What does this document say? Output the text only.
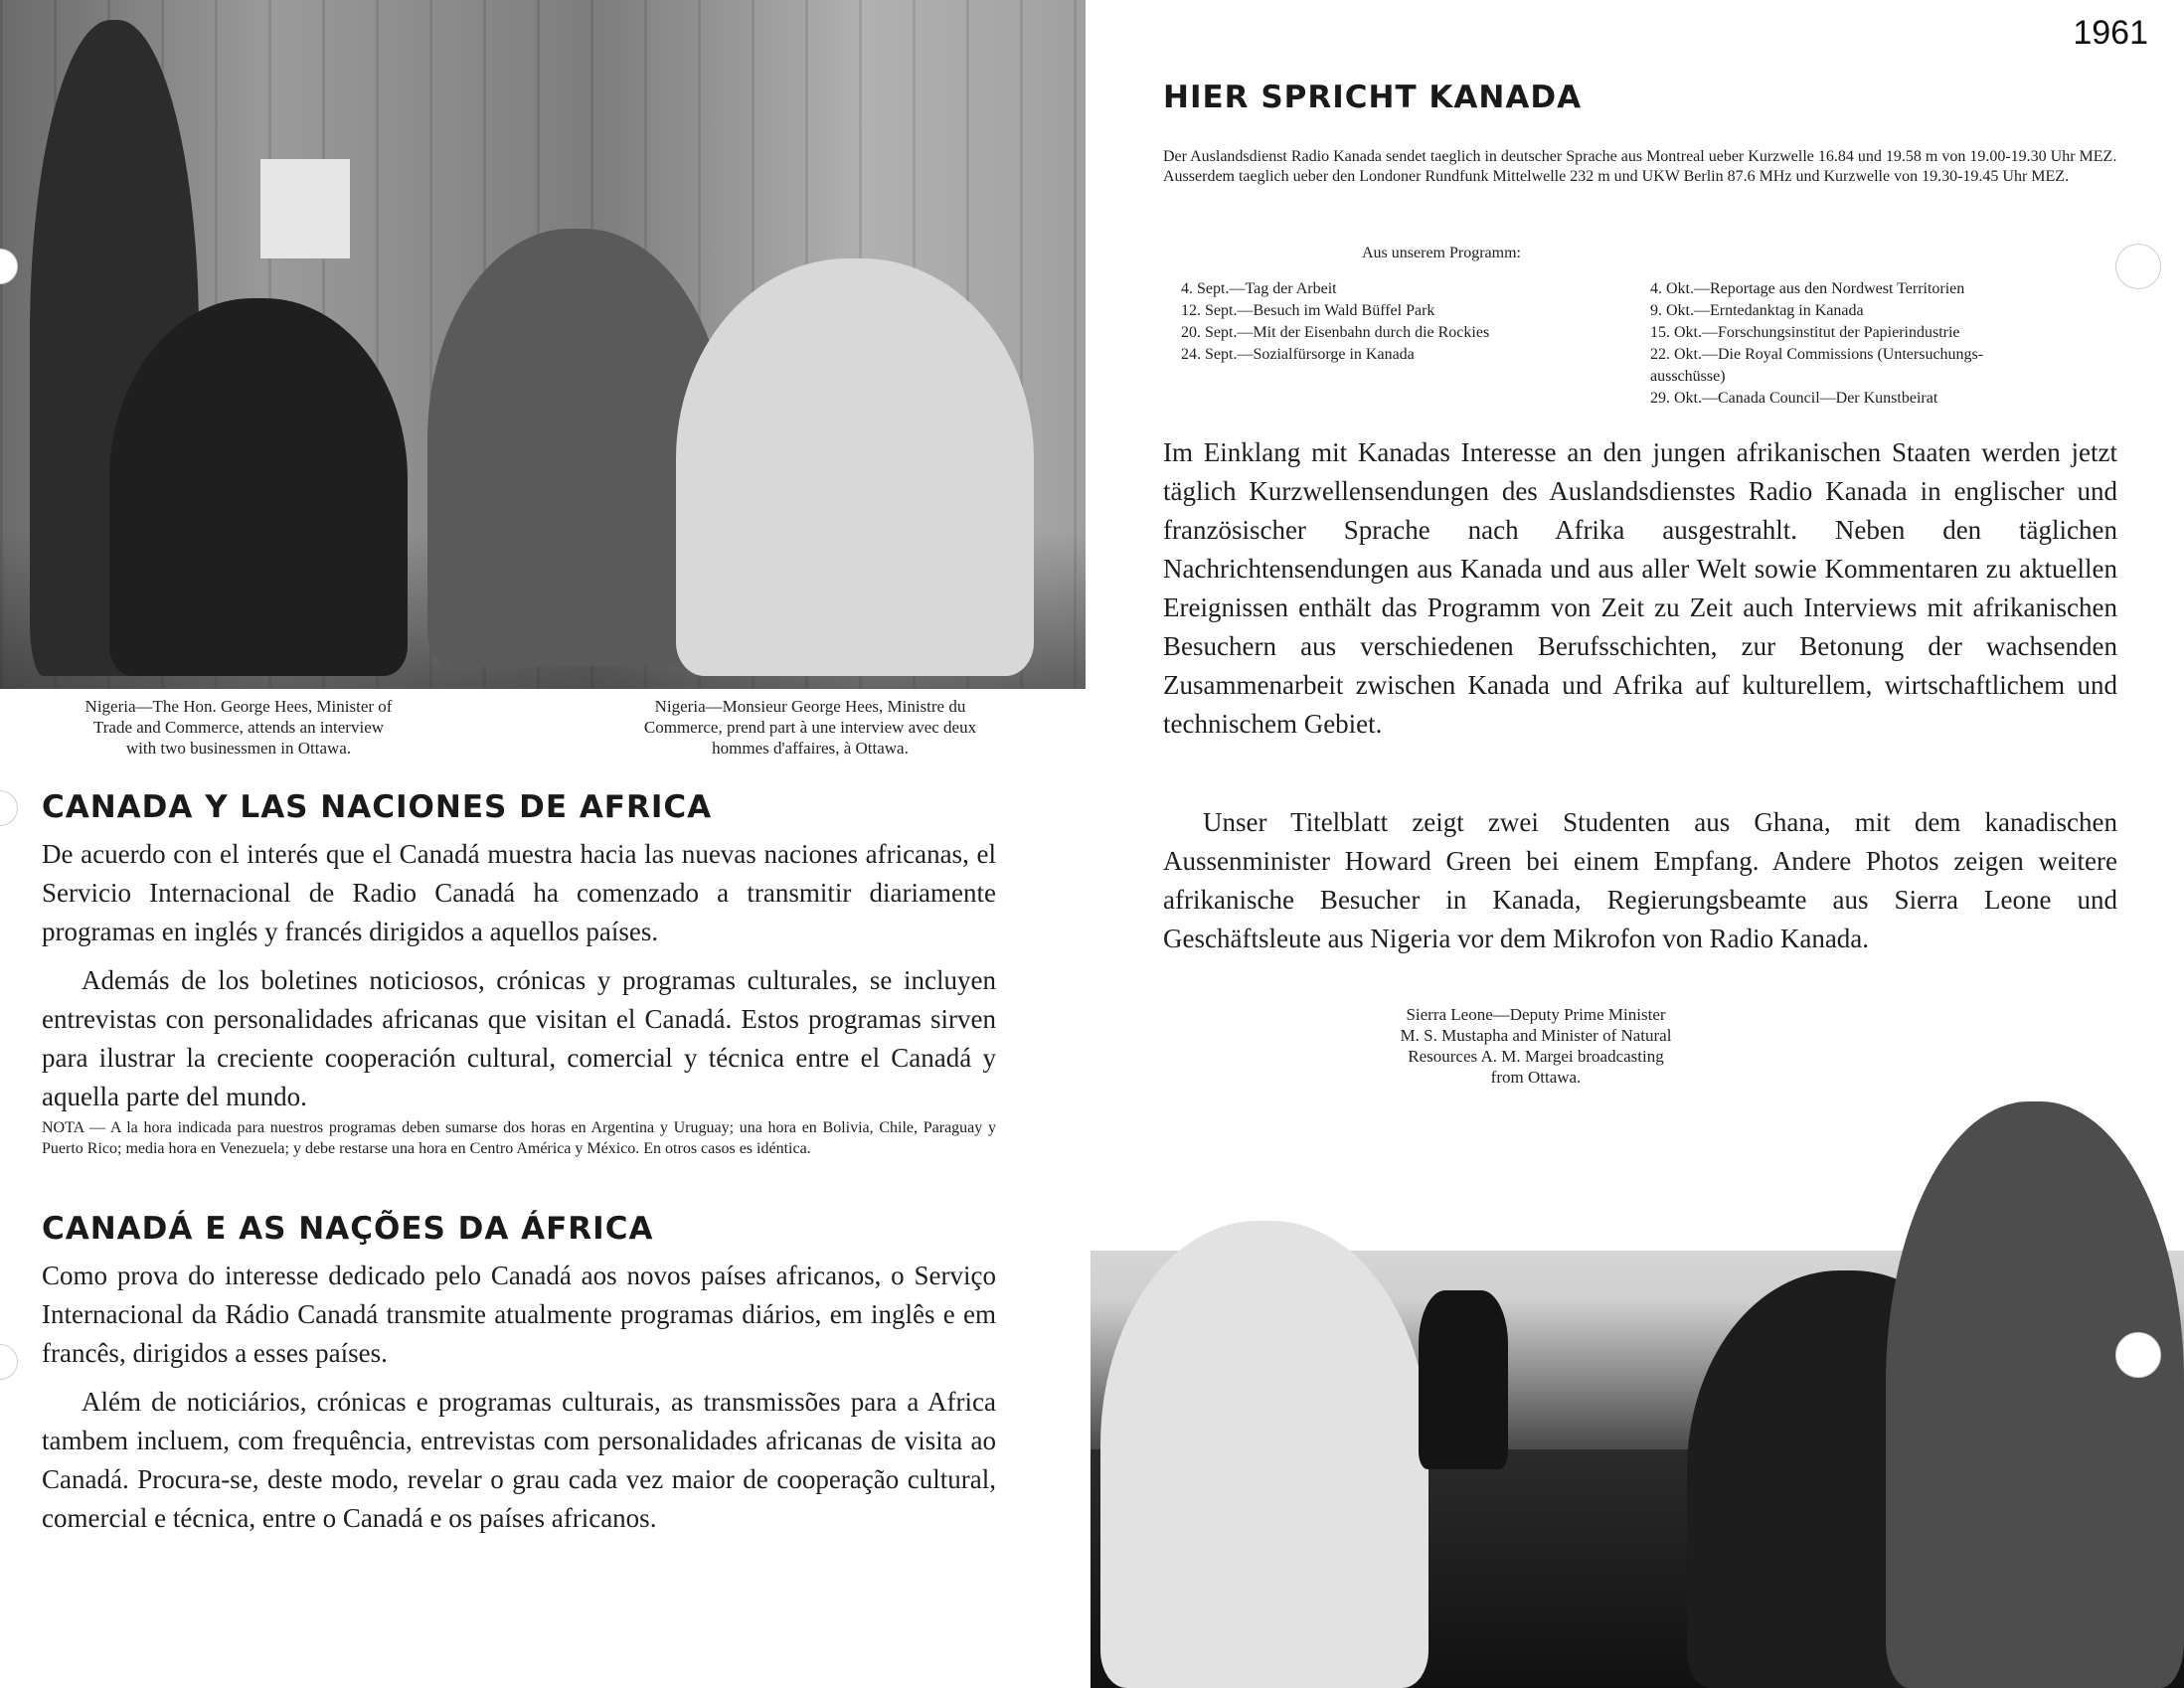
1961
Nigeria—The Hon. George Hees, Minister of
Trade and Commerce, attends an interview
with two businessmen in Ottawa.
Nigeria—Monsieur George Hees, Ministre du
Commerce, prend part à une interview avec deux
hommes d'affaires, à Ottawa.
CANADA Y LAS NACIONES DE AFRICA

De acuerdo con el interés que el Canadá muestra hacia las nuevas naciones africanas, el Servicio Internacional de Radio Canadá ha comenzado a transmitir diariamente programas en inglés y francés dirigidos a aquellos países.

Además de los boletines noticiosos, crónicas y programas culturales, se incluyen entrevistas con personalidades africanas que visitan el Canadá. Estos programas sirven para ilustrar la creciente cooperación cultural, comercial y técnica entre el Canadá y aquella parte del mundo.

NOTA — A la hora indicada para nuestros programas deben sumarse dos horas en Argentina y Uruguay; una hora en Bolivia, Chile, Paraguay y Puerto Rico; media hora en Venezuela; y debe restarse una hora en Centro América y México. En otros casos es idéntica.
CANADÁ E AS NAÇÕES DA ÁFRICA

Como prova do interesse dedicado pelo Canadá aos novos países africanos, o Serviço Internacional da Rádio Canadá transmite atualmente programas diários, em inglês e em francês, dirigidos a esses países.

Além de noticiários, crónicas e programas culturais, as transmissões para a Africa tambem incluem, com frequência, entrevistas com personalidades africanas de visita ao Canadá. Procura-se, deste modo, revelar o grau cada vez maior de cooperação cultural, comercial e técnica, entre o Canadá e os países africanos.

HIER SPRICHT KANADA

Der Auslandsdienst Radio Kanada sendet taeglich in deutscher Sprache aus Montreal ueber Kurzwelle 16.84 und 19.58 m von 19.00-19.30 Uhr MEZ.

Ausserdem taeglich ueber den Londoner Rundfunk Mittelwelle 232 m und UKW Berlin 87.6 MHz und Kurzwelle von 19.30-19.45 Uhr MEZ.

Aus unserem Programm:
4. Sept.—Tag der Arbeit
12. Sept.—Besuch im Wald Büffel Park
20. Sept.—Mit der Eisenbahn durch die Rockies
24. Sept.—Sozialfürsorge in Kanada
4. Okt.—Reportage aus den Nordwest Territorien
9. Okt.—Erntedanktag in Kanada
15. Okt.—Forschungsinstitut der Papierindustrie
22. Okt.—Die Royal Commissions (Untersuchungs-
ausschüsse)
29. Okt.—Canada Council—Der Kunstbeirat

Im Einklang mit Kanadas Interesse an den jungen afrikanischen Staaten werden jetzt täglich Kurzwellensendungen des Auslandsdienstes Radio Kanada in englischer und französischer Sprache nach Afrika ausgestrahlt. Neben den täglichen Nachrichtensendungen aus Kanada und aus aller Welt sowie Kommentaren zu aktuellen Ereignissen enthält das Programm von Zeit zu Zeit auch Interviews mit afrikanischen Besuchern aus verschiedenen Berufsschichten, zur Betonung der wachsenden Zusammenarbeit zwischen Kanada und Afrika auf kulturellem, wirtschaftlichem und technischem Gebiet.

Unser Titelblatt zeigt zwei Studenten aus Ghana, mit dem kanadischen Aussenminister Howard Green bei einem Empfang. Andere Photos zeigen weitere afrikanische Besucher in Kanada, Regierungsbeamte aus Sierra Leone und Geschäftsleute aus Nigeria vor dem Mikrofon von Radio Kanada.
Sierra Leone—Deputy Prime Minister
M. S. Mustapha and Minister of Natural
Resources A. M. Margei broadcasting
from Ottawa.
